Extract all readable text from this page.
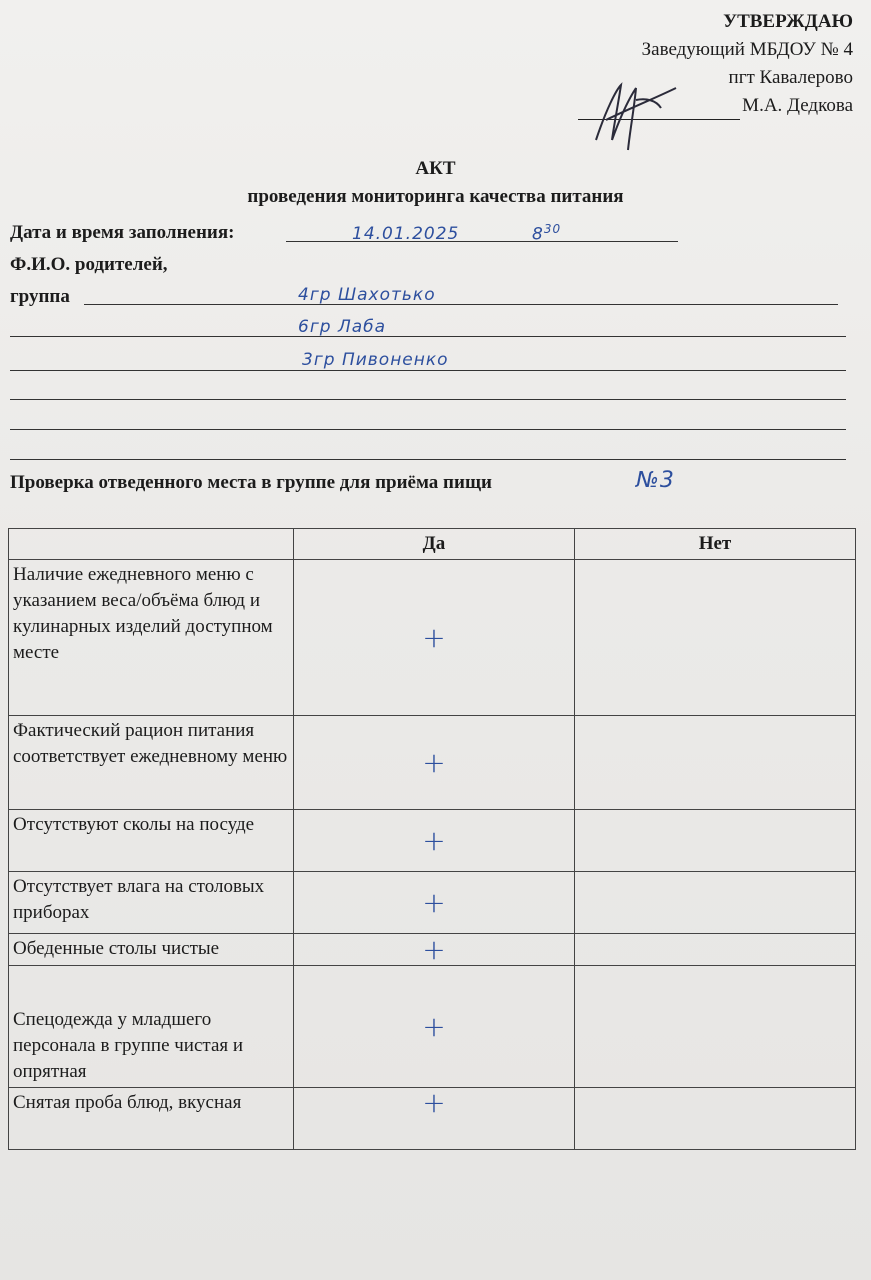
УТВЕРЖДАЮ
Заведующий МБДОУ № 4
пгт Кавалерово
М.А. Дедкова
АКТ
проведения мониторинга качества питания
Дата и время заполнения:	14.01.2025	$8^{30}$
Ф.И.О. родителей,
группа	4гр Шахотько
6гр Лаба
3гр Пивоненко
Проверка отведенного места в группе для приёма пищи	№3
	Да	Нет
Наличие ежедневного меню с указанием веса/объёма блюд и кулинарных изделий доступном месте	+	
Фактический рацион питания соответствует ежедневному меню	+	
Отсутствуют сколы на посуде	+	
Отсутствует влага на столовых приборах	+	
Обеденные столы чистые	+	
Спецодежда у младшего персонала в группе чистая и опрятная	+	
Снятая проба блюд, вкусная	+	
